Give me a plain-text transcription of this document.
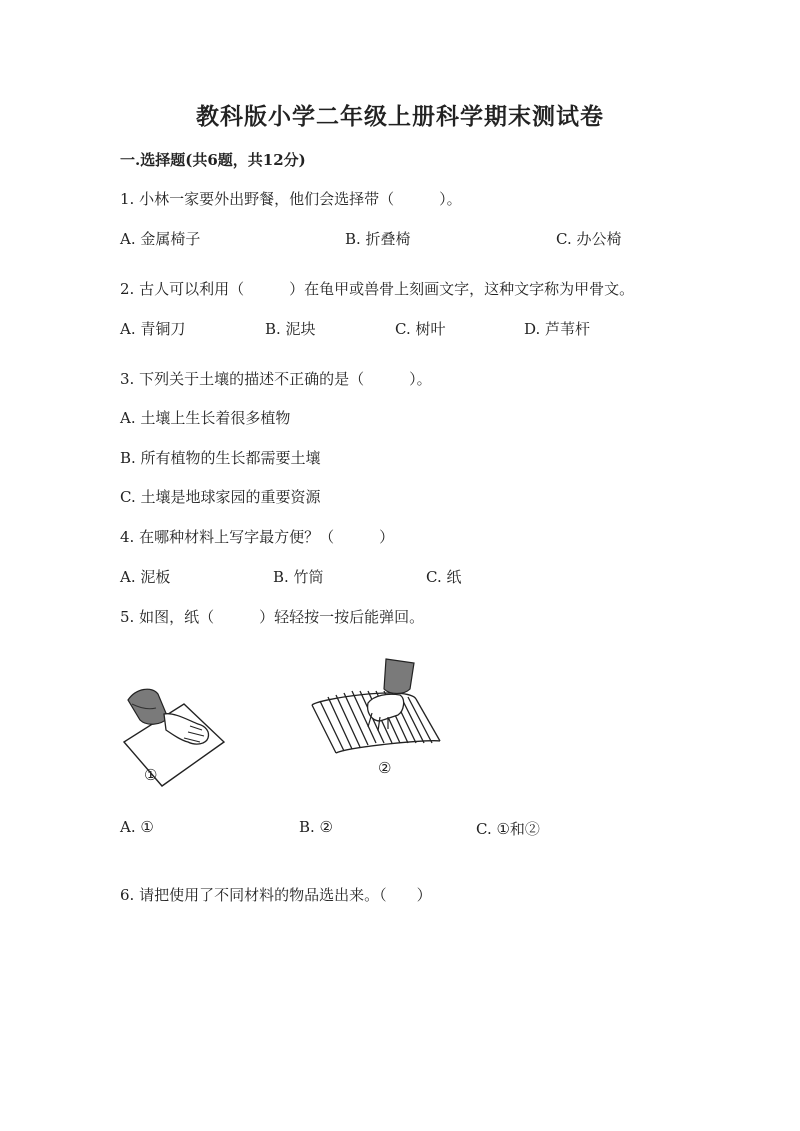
教科版小学二年级上册科学期末测试卷
一.选择题(共6题，共12分)
1. 小林一家要外出野餐，他们会选择带（　　　）。
A. 金属椅子	B. 折叠椅	C. 办公椅
2. 古人可以利用（　　　）在龟甲或兽骨上刻画文字，这种文字称为甲骨文。
A. 青铜刀	B. 泥块	C. 树叶	D. 芦苇杆
3. 下列关于土壤的描述不正确的是（　　　）。
A. 土壤上生长着很多植物
B. 所有植物的生长都需要土壤
C. 土壤是地球家园的重要资源
4. 在哪种材料上写字最方便？（　　　）
A. 泥板	B. 竹筒	C. 纸
5. 如图，纸（　　　）轻轻按一按后能弹回。
①	②
A. ①	B. ②	C. ①和②
6. 请把使用了不同材料的物品选出来。（　　）
